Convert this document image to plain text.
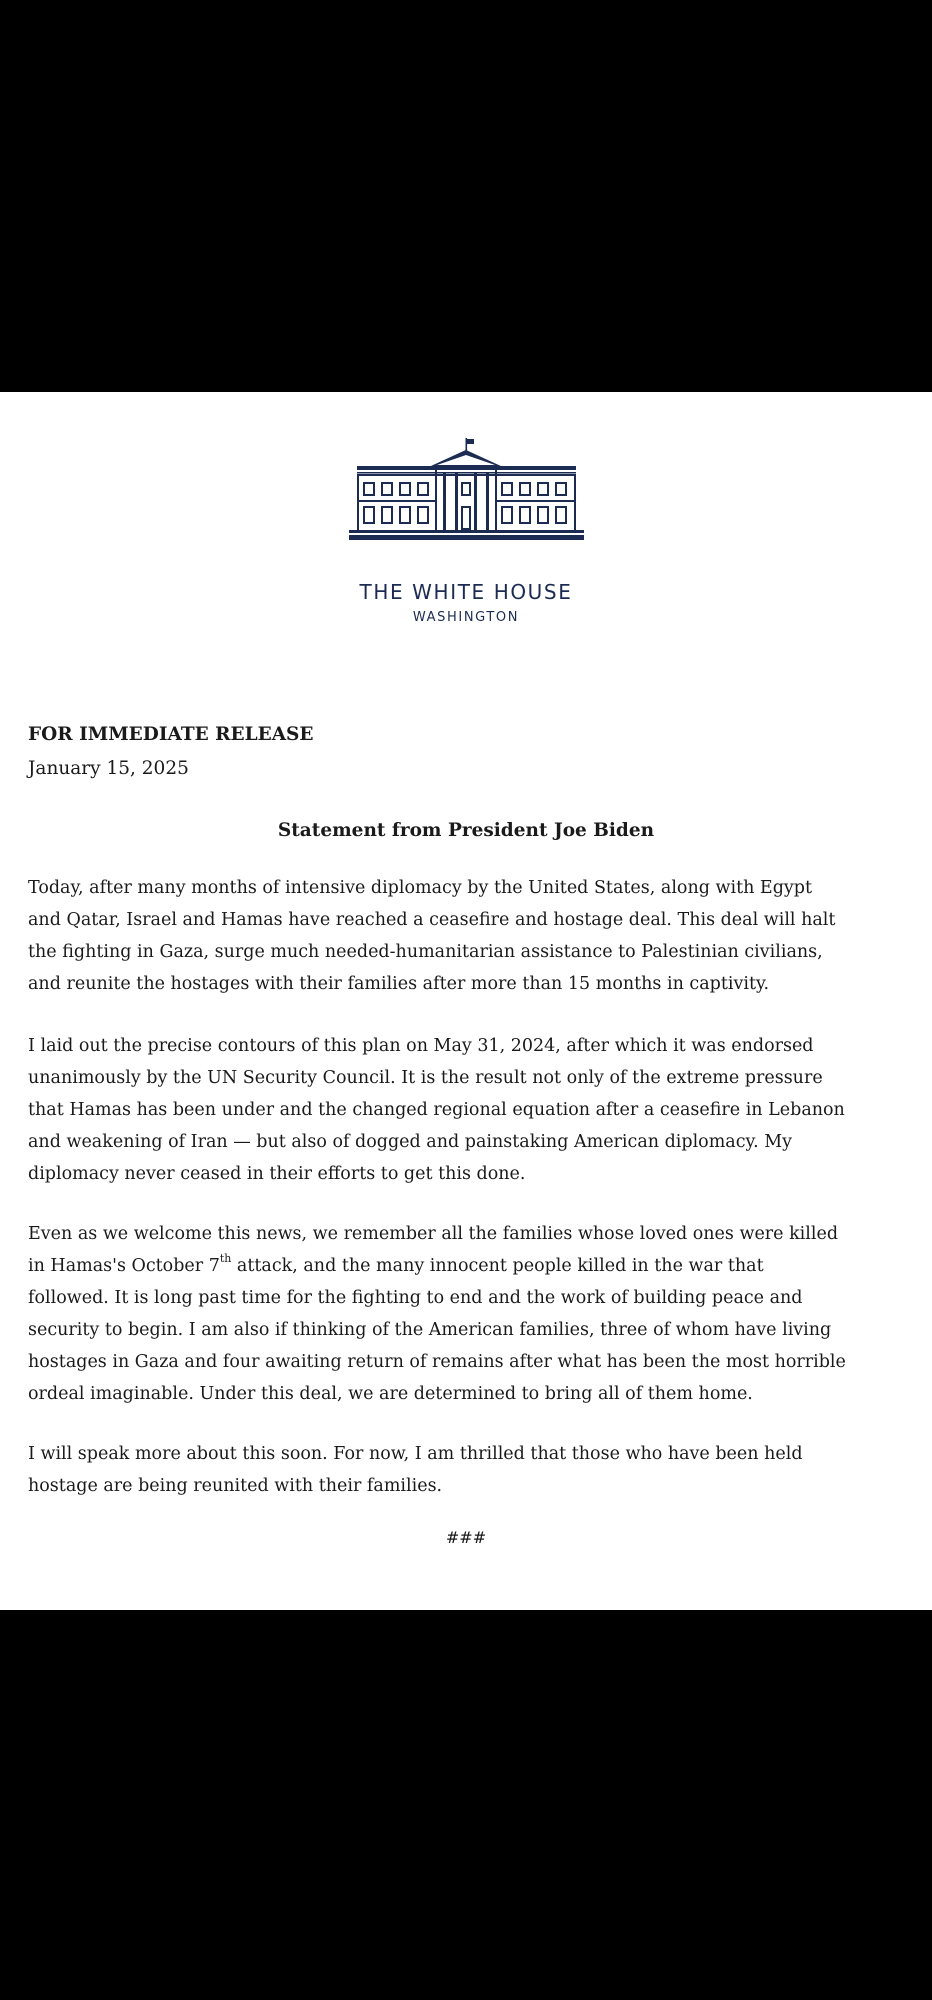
THE WHITE HOUSE
WASHINGTON
FOR IMMEDIATE RELEASE
January 15, 2025
Statement from President Joe Biden

Today, after many months of intensive diplomacy by the United States, along with Egypt
and Qatar, Israel and Hamas have reached a ceasefire and hostage deal. This deal will halt
the fighting in Gaza, surge much needed-humanitarian assistance to Palestinian civilians,
and reunite the hostages with their families after more than 15 months in captivity.

I laid out the precise contours of this plan on May 31, 2024, after which it was endorsed
unanimously by the UN Security Council. It is the result not only of the extreme pressure
that Hamas has been under and the changed regional equation after a ceasefire in Lebanon
and weakening of Iran — but also of dogged and painstaking American diplomacy. My
diplomacy never ceased in their efforts to get this done.

Even as we welcome this news, we remember all the families whose loved ones were killed
in Hamas's October 7th attack, and the many innocent people killed in the war that
followed. It is long past time for the fighting to end and the work of building peace and
security to begin. I am also if thinking of the American families, three of whom have living
hostages in Gaza and four awaiting return of remains after what has been the most horrible
ordeal imaginable. Under this deal, we are determined to bring all of them home.

I will speak more about this soon. For now, I am thrilled that those who have been held
hostage are being reunited with their families.

###
